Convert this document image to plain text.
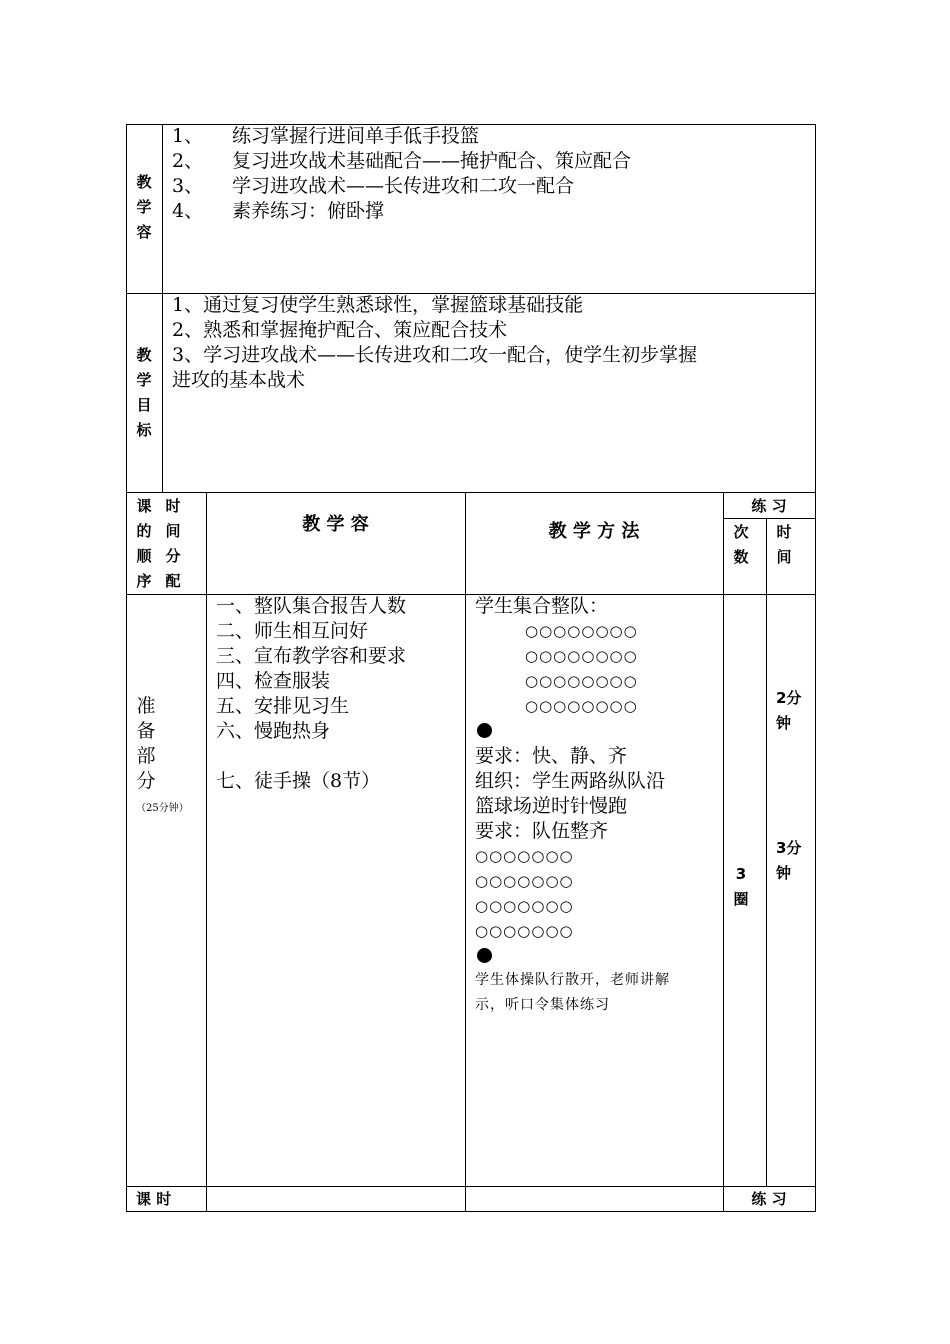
教学容
1、 练习掌握行进间单手低手投篮
2、 复习进攻战术基础配合——掩护配合、策应配合
3、 学习进攻战术——长传进攻和二攻一配合
4、 素养练习：俯卧撑
教学目标
1、通过复习使学生熟悉球性，掌握篮球基础技能
2、熟悉和掌握掩护配合、策应配合技术
3、学习进攻战术——长传进攻和二攻一配合，使学生初步掌握
进攻的基本战术
课的顺序
时间分配
教 学 容	教 学 方 法
练 习
次数
时间
准备部分
（25分钟）
一、整队集合报告人数
二、师生相互问好
三、宣布教学容和要求
四、检查服装
五、安排见习生
六、慢跑热身
七、徒手操（8节）
学生集合整队：
○○○○○○○○
○○○○○○○○
○○○○○○○○
○○○○○○○○
要求：快、静、齐
组织：学生两路纵队沿
篮球场逆时针慢跑
要求：队伍整齐
○○○○○○○
○○○○○○○
○○○○○○○
○○○○○○○
学生体操队行散开，老师讲解
示，听口令集体练习
3圈
2分钟
3分钟
课 时	练 习
